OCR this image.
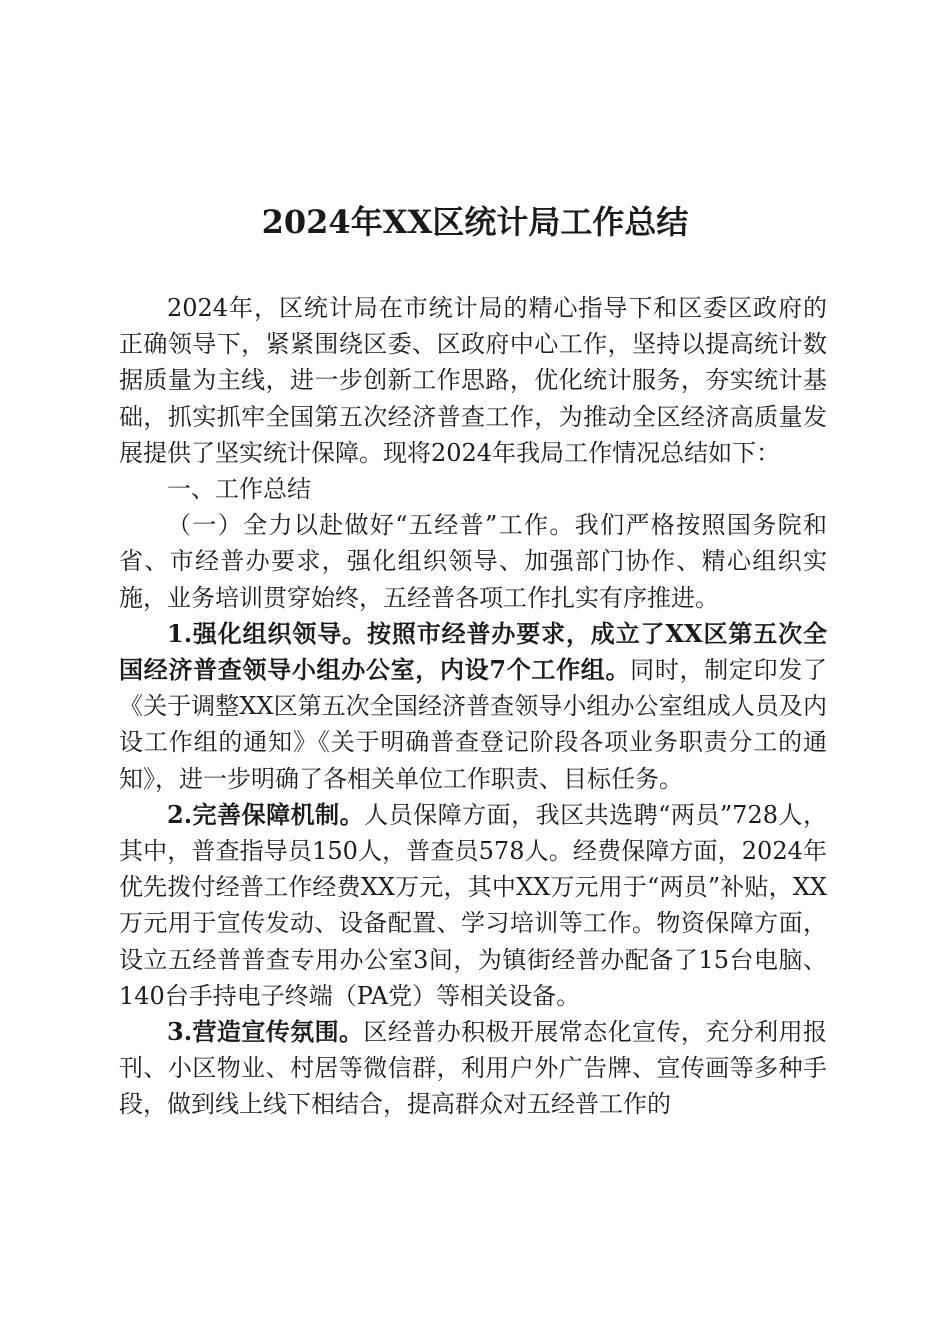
2024年XX区统计局工作总结

2024年，区统计局在市统计局的精心指导下和区委区政府的正确领导下，紧紧围绕区委、区政府中心工作，坚持以提高统计数据质量为主线，进一步创新工作思路，优化统计服务，夯实统计基础，抓实抓牢全国第五次经济普查工作，为推动全区经济高质量发展提供了坚实统计保障。现将2024年我局工作情况总结如下：

一、工作总结

（一）全力以赴做好“五经普”工作。我们严格按照国务院和省、市经普办要求，强化组织领导、加强部门协作、精心组织实施，业务培训贯穿始终，五经普各项工作扎实有序推进。

1.强化组织领导。按照市经普办要求，成立了XX区第五次全国经济普查领导小组办公室，内设7个工作组。同时，制定印发了《关于调整XX区第五次全国经济普查领导小组办公室组成人员及内设工作组的通知》《关于明确普查登记阶段各项业务职责分工的通知》，进一步明确了各相关单位工作职责、目标任务。

2.完善保障机制。人员保障方面，我区共选聘“两员”728人，其中，普查指导员150人，普查员578人。经费保障方面，2024年优先拨付经普工作经费XX万元，其中XX万元用于“两员”补贴，XX万元用于宣传发动、设备配置、学习培训等工作。物资保障方面，设立五经普普查专用办公室3间，为镇街经普办配备了15台电脑、140台手持电子终端（PA党）等相关设备。

3.营造宣传氛围。区经普办积极开展常态化宣传，充分利用报刊、小区物业、村居等微信群，利用户外广告牌、宣传画等多种手段，做到线上线下相结合，提高群众对五经普工作的
